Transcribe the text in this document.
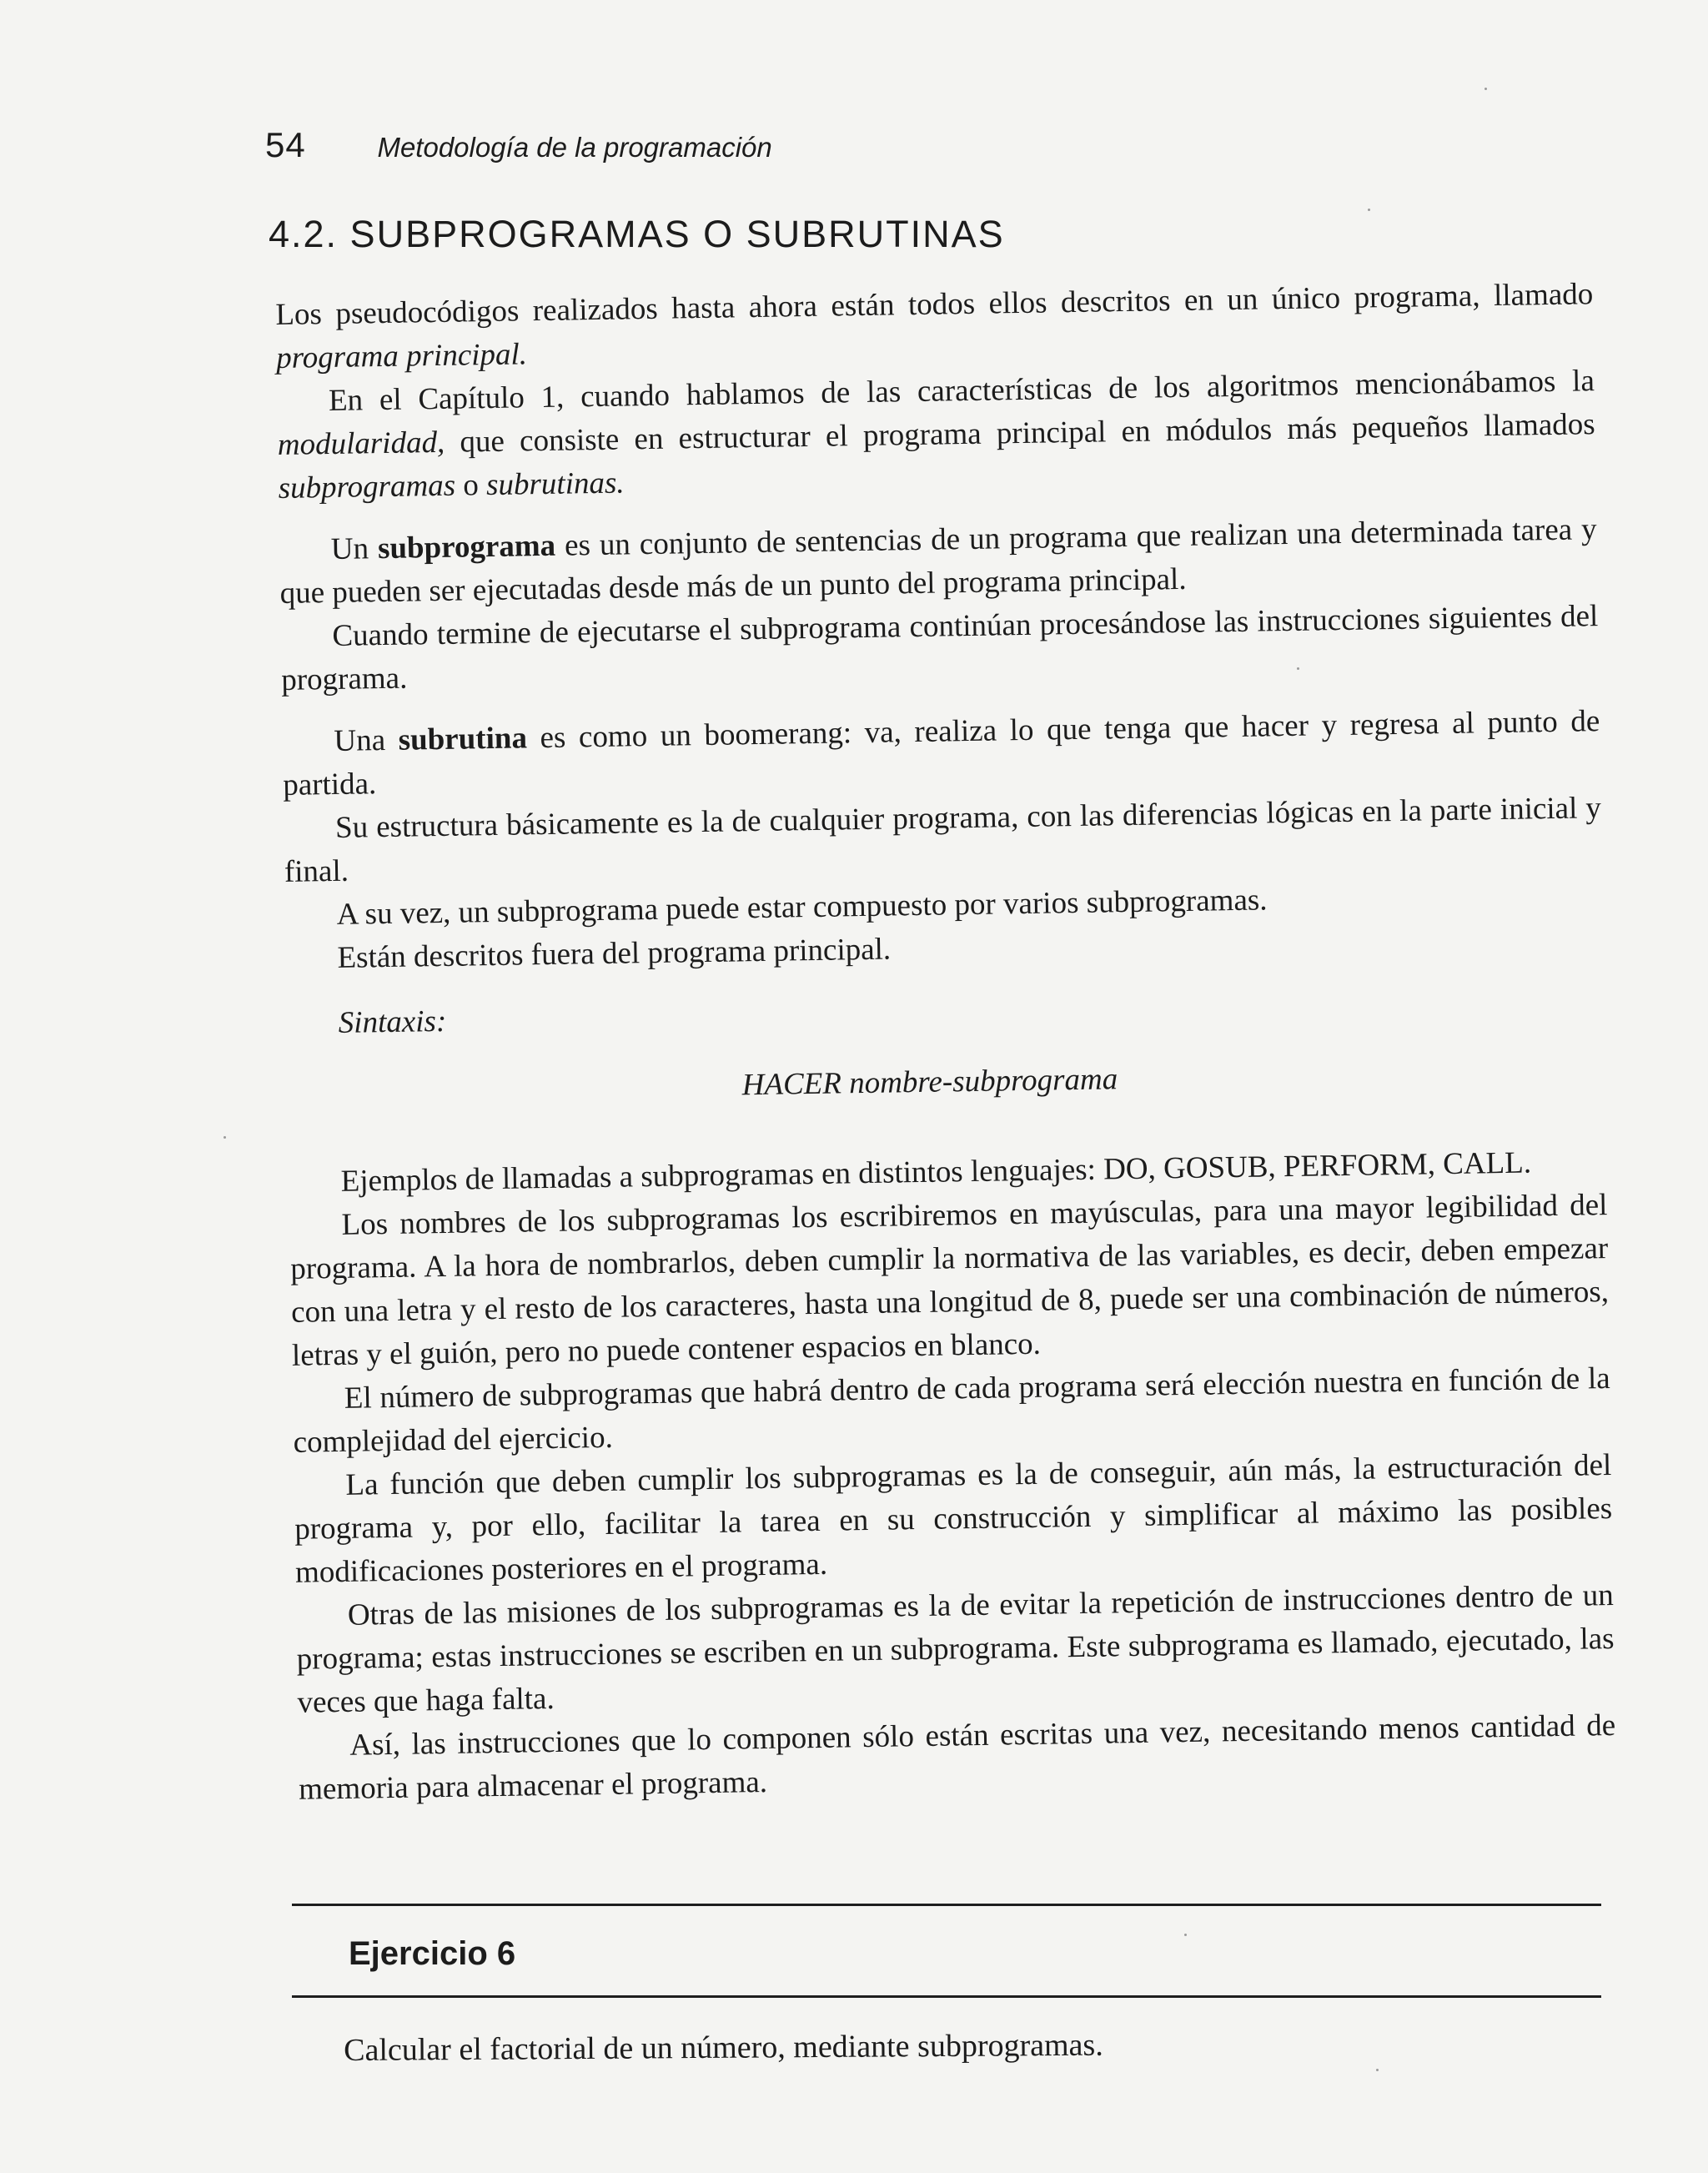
54	Metodología de la programación
4.2. SUBPROGRAMAS O SUBRUTINAS

Los pseudocódigos realizados hasta ahora están todos ellos descritos en un único programa, llamado programa principal.

En el Capítulo 1, cuando hablamos de las características de los algoritmos mencionábamos la modularidad, que consiste en estructurar el programa principal en módulos más pequeños llamados subprogramas o subrutinas.

Un subprograma es un conjunto de sentencias de un programa que realizan una determinada tarea y que pueden ser ejecutadas desde más de un punto del programa principal.

Cuando termine de ejecutarse el subprograma continúan procesándose las instrucciones siguientes del programa.

Una subrutina es como un boomerang: va, realiza lo que tenga que hacer y regresa al punto de partida.

Su estructura básicamente es la de cualquier programa, con las diferencias lógicas en la parte inicial y final.

A su vez, un subprograma puede estar compuesto por varios subprogramas.

Están descritos fuera del programa principal.

Sintaxis:
HACER nombre-subprograma

Ejemplos de llamadas a subprogramas en distintos lenguajes: DO, GOSUB, PERFORM, CALL.

Los nombres de los subprogramas los escribiremos en mayúsculas, para una mayor legibilidad del programa. A la hora de nombrarlos, deben cumplir la normativa de las variables, es decir, deben empezar con una letra y el resto de los caracteres, hasta una longitud de 8, puede ser una combinación de números, letras y el guión, pero no puede contener espacios en blanco.

El número de subprogramas que habrá dentro de cada programa será elección nuestra en función de la complejidad del ejercicio.

La función que deben cumplir los subprogramas es la de conseguir, aún más, la estructuración del programa y, por ello, facilitar la tarea en su construcción y simplificar al máximo las posibles modificaciones posteriores en el programa.

Otras de las misiones de los subprogramas es la de evitar la repetición de instrucciones dentro de un programa; estas instrucciones se escriben en un subprograma. Este subprograma es llamado, ejecutado, las veces que haga falta.

Así, las instrucciones que lo componen sólo están escritas una vez, necesitando menos cantidad de memoria para almacenar el programa.

Ejercicio 6
Calcular el factorial de un número, mediante subprogramas.
